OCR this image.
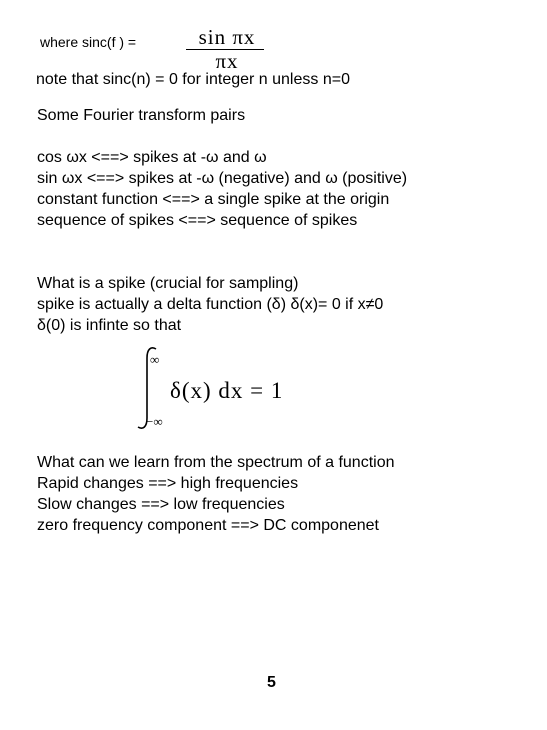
where sinc(f ) =	sin πx
πx
note that sinc(n) = 0 for integer n unless n=0
Some Fourier transform pairs
cos ωx <==> spikes at -ω and ω
sin ωx <==> spikes at -ω (negative) and ω (positive)
constant function <==> a single spike at the origin
sequence of spikes <==> sequence of spikes
What is a spike (crucial for sampling)
spike is actually a delta function (δ) δ(x)= 0 if x≠0
δ(0) is infinte so that
∞
−∞
δ(x) dx = 1
What can we learn from the spectrum of a function
Rapid changes ==> high frequencies
Slow changes ==> low frequencies
zero frequency component ==> DC componenet
5
